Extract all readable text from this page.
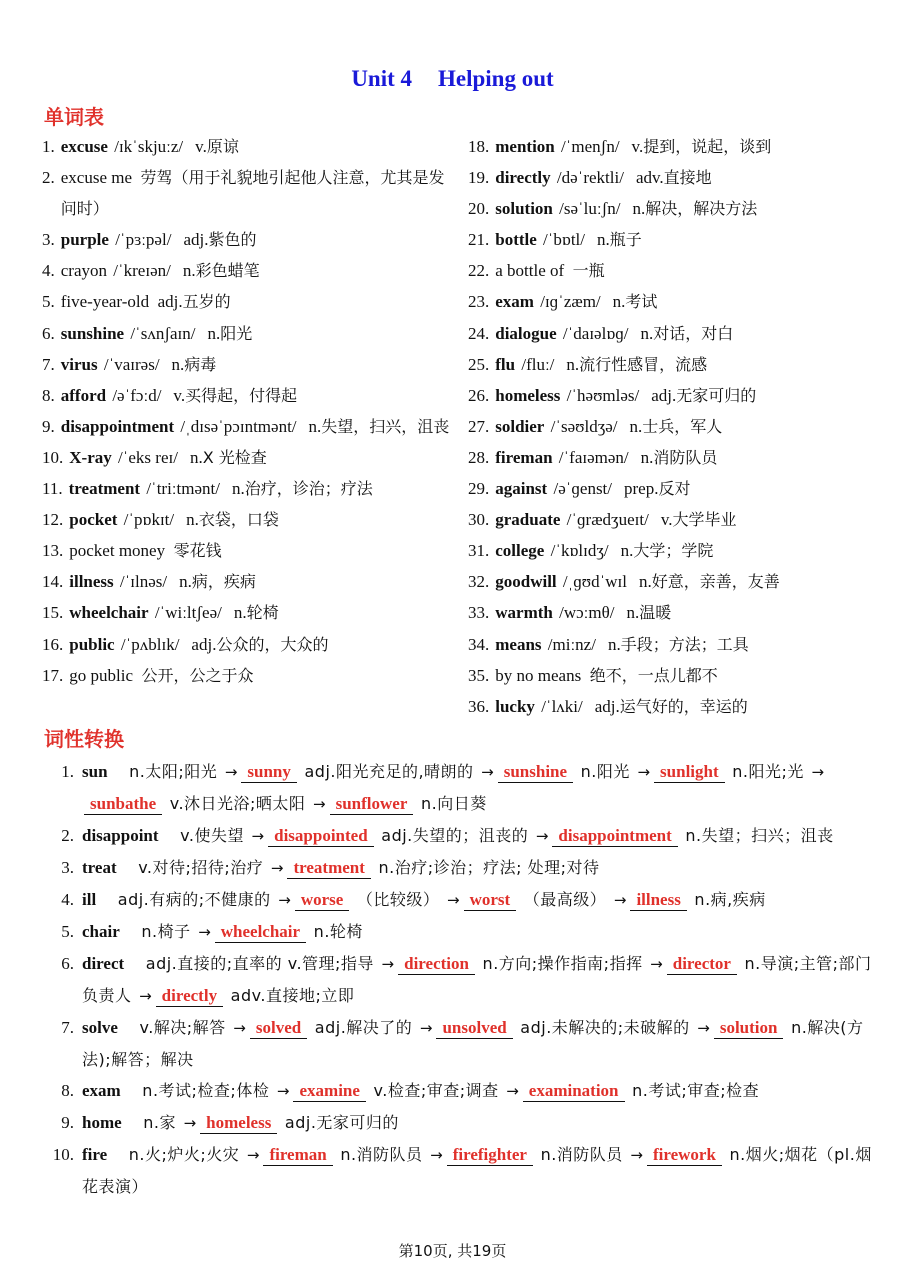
Unit 4 Helping out
单词表
1. excuse /ɪkˈskjuːz/ v.原谅
2. excuse me 劳驾（用于礼貌地引起他人注意，尤其是发问时）
3. purple /ˈpɜːpəl/ adj.紫色的
4. crayon /ˈkreɪən/ n.彩色蜡笔
5. five-year-old adj.五岁的
6. sunshine /ˈsʌnʃaɪn/ n.阳光
7. virus /ˈvaɪrəs/ n.病毒
8. afford /əˈfɔːd/ v.买得起，付得起
9. disappointment /ˌdɪsəˈpɔɪntmənt/ n.失望，扫兴，沮丧
10. X-ray /ˈeks reɪ/ n.X 光检查
11. treatment /ˈtriːtmənt/ n.治疗，诊治；疗法
12. pocket /ˈpɒkɪt/ n.衣袋，口袋
13. pocket money 零花钱
14. illness /ˈɪlnəs/ n.病，疾病
15. wheelchair /ˈwiːltʃeə/ n.轮椅
16. public /ˈpʌblɪk/ adj.公众的，大众的
17. go public 公开，公之于众
18. mention /ˈmenʃn/ v.提到，说起，谈到
19. directly /dəˈrektli/ adv.直接地
20. solution /səˈluːʃn/ n.解决，解决方法
21. bottle /ˈbɒtl/ n.瓶子
22. a bottle of 一瓶
23. exam /ɪɡˈzæm/ n.考试
24. dialogue /ˈdaɪəlɒɡ/ n.对话，对白
25. flu /fluː/ n.流行性感冒，流感
26. homeless /ˈhəʊmləs/ adj.无家可归的
27. soldier /ˈsəʊldʒə/ n.士兵，军人
28. fireman /ˈfaɪəmən/ n.消防队员
29. against /əˈɡenst/ prep.反对
30. graduate /ˈɡrædʒueɪt/ v.大学毕业
31. college /ˈkɒlɪdʒ/ n.大学；学院
32. goodwill /ˌɡʊdˈwɪl n.好意，亲善，友善
33. warmth /wɔːmθ/ n.温暖
34. means /miːnz/ n.手段；方法；工具
35. by no means 绝不，一点儿都不
36. lucky /ˈlʌki/ adj.运气好的，幸运的
词性转换
1. sun n.太阳;阳光 → sunny adj.阳光充足的,晴朗的 → sunshine n.阳光 → sunlight n.阳光;光 →sunbathe v.沐日光浴;晒太阳 → sunflower n.向日葵
2. disappoint v.使失望 → disappointed adj.失望的；沮丧的 → disappointment n.失望；扫兴；沮丧
3. treat v.对待;招待;治疗 → treatment n.治疗;诊治；疗法; 处理;对待
4. ill adj.有病的;不健康的 → worse （比较级） → worst （最高级） → illness n.病,疾病
5. chair n.椅子 → wheelchair n.轮椅
6. direct adj.直接的;直率的 v.管理;指导 → direction n.方向;操作指南;指挥 → director n.导演;主管;部门负责人 → directly adv.直接地;立即
7. solve v.解决;解答 → solved adj.解决了的 → unsolved adj.未解决的;未破解的 → solution n.解决(方法);解答；解决
8. exam n.考试;检查;体检 → examine v.检查;审查;调查 → examination n.考试;审查;检查
9. home n.家 → homeless adj.无家可归的
10. fire n.火;炉火;火灾 → fireman n.消防队员 → firefighter n.消防队员 → firework n.烟火;烟花（pl.烟花表演）
第10页, 共19页
